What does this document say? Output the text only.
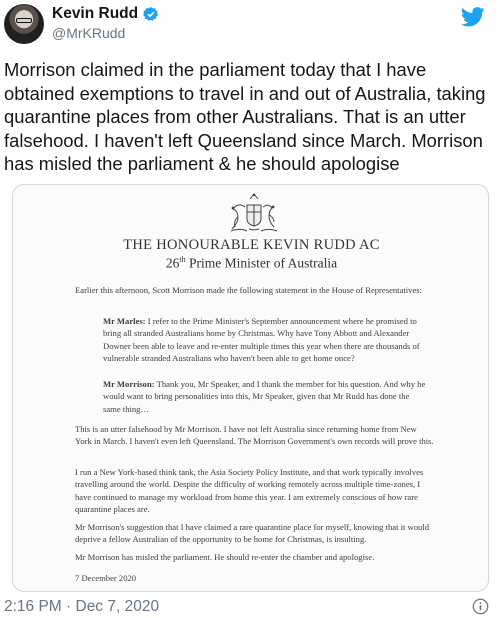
Kevin Rudd
@MrKRudd
Morrison claimed in the parliament today that I have obtained exemptions to travel in and out of Australia, taking quarantine places from other Australians. That is an utter falsehood. I haven't left Queensland since March. Morrison has misled the parliament & he should apologise
THE HONOURABLE KEVIN RUDD AC
26th Prime Minister of Australia
Earlier this afternoon, Scott Morrison made the following statement in the House of Representatives:
Mr Marles: I refer to the Prime Minister's September announcement where he promised to bring all stranded Australians home by Christmas. Why have Tony Abbott and Alexander Downer been able to leave and re-enter multiple times this year when there are thousands of vulnerable stranded Australians who haven't been able to get home once?
Mr Morrison: Thank you, Mr Speaker, and I thank the member for his question. And why he would want to bring personalities into this, Mr Speaker, given that Mr Rudd has done the same thing…
This is an utter falsehood by Mr Morrison. I have not left Australia since returning home from New York in March. I haven't even left Queensland. The Morrison Government's own records will prove this.
I run a New York-based think tank, the Asia Society Policy Institute, and that work typically involves travelling around the world. Despite the difficulty of working remotely across multiple time-zones, I have continued to manage my workload from home this year. I am extremely conscious of how rare quarantine places are.
Mr Morrison's suggestion that I have claimed a rare quarantine place for myself, knowing that it would deprive a fellow Australian of the opportunity to be home for Christmas, is insulting.
Mr Morrison has misled the parliament. He should re-enter the chamber and apologise.
7 December 2020
2:16 PM · Dec 7, 2020
